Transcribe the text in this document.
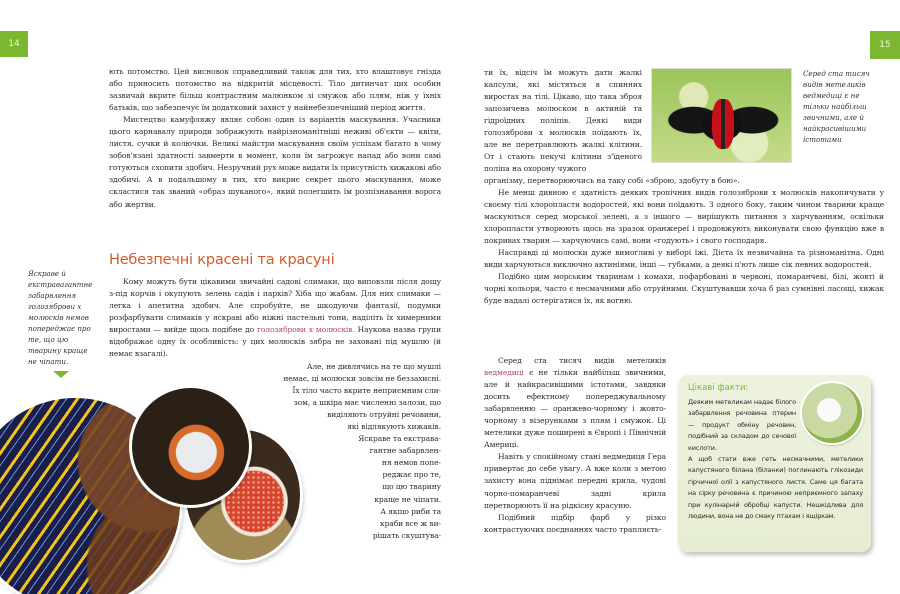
14

ють потомство. Цей висновок справедливий також для тих, хто влаштовує гнізда або приносить потомство на відкритій місцевості. Тіло дитинчат цих особин зазвичай вкрите більш контрастним малюнком зі смужок або плям, ніж у їхніх батьків, що забезпечує їм додатковий захист у найнебезпечніший період життя.

Мистецтво камуфляжу являє собою один із варіантів маскування. Учасники цього карнавалу природи зображують найрізноманітніші неживі об'єкти — квіти, листя, сучки й колючки. Великі майстри маскування своїм успіхам багато в чому зобов'язані здатності завмерти в момент, коли їм загрожує напад або вони самі готуються схопити здобич. Незручний рух може видати їх присутність хижакові або здобичі. А в подальшому в тих, хто викриє секрет цього маскування, може скластися так званий «образ шуканого», який полегшить їм розпізнавання ворога або жертви.

Небезпечні красені та красуні

Кому можуть бути цікавими звичайні садові слимаки, що виповзли після дощу з-під корчів і окупують зелень садів і парків? Хіба що жабам. Для них слимаки — легка і апетитна здобич. Але спробуйте, не шкодуючи фантазії, подумки розфарбувати слимаків у яскраві або ніжні пастельні тони, наділіть їх химерними виростами — вийде щось подібне до голозяброви х молюсків. Наукова назва групи відображає одну їх особливість: у цих молюсків зябра не заховані під мушлю (й немає взагалі).

Але, не дивлячись на те що мушлі
немає, ці молюски зовсім не беззахисні.
Їх тіло часто вкрите неприємним сли-
зом, а шкіра має численні залози, що
виділяють отруйні речовини,
які відлякують хижаків.
Яскраве та екстрава-
гантне забарвлен-
ня немов попе-
реджає про те,
що цю тварину
краще не чіпати.
А якщо риби та
краби все ж ви-
рішать скуштува-
Яскраве й екстравагантне забарвлення голозяброви х молюсків немов попереджає про те, що цю тварину краще не чіпати.
15

ти їх, відсіч їм можуть дати жалкі капсули, які містяться в спинних виростах на тілі. Цікаво, що така зброя запозичена молюском в актиній та гідроїдних поліпів. Деякі види голозяброви х молюсків поїдають їх, але не перетравлюють жалкі клітини. От і стають пекучі клітини з'їденого поліпа на охорону чужого

організму, перетворюючись на таку собі «зброю, здобуту в бою».

Серед ста тисяч видів метеликів ведмедиці є не тільки найбільш звичними, але й найкрасивішими істотами

Не менш дивною є здатність деяких тропічних видів голозяброви х молюсків накопичувати у своєму тілі хлоропласти водоростей, які вони поїдають. З одного боку, таким чином тварини краще маскуються серед морської зелені, а з іншого — вирішують питання з харчуванням, оскільки хлоропласти утворюють щось на зразок оранжереї і продовжують виконувати свою функцію вже в покривах тварин — харчуючись самі, вони «годують» і свого господаря.

Насправді ці молюски дуже вимогливі у виборі їжі. Дієта їх незвичайна та різноманітна. Одні види харчуються виключно актиніями, інші — губками, а деякі п'ють лише сік певних водоростей.

Подібно цим морським тваринам і комахи, пофарбовані в червоні, помаранчеві, білі, жовті й чорні кольори, часто є несмачними або отруйними. Скуштувавши хоча б раз сумнівні ласощі, хижак буде надалі остерігатися їх, як вогню.

Серед ста тисяч видів метеликів ведмедиці є не тільки найбільш звичними, але й найкрасивішими істотами, завдяки досить ефектному попереджувальному забарвленню — оранжево-чорному і жовто-чорному з візерунками з плям і смужок. Ці метелики дуже поширені в Європі і Північній Америці.

Навіть у спокійному стані ведмедиця Гера привертає до себе увагу. А вже коли з метою захисту вона піднімає передні крила, чудові чорно-помаранчеві задні крила перетворюють її на рідкісну красуню.

Подібний підбір фарб у різко контрастуючих поєднаннях часто трапляєть-

Цікаві факти:
Деяким метеликам надає білого забарвлення речовина птерин — продукт обміну речовин, подібний за складом до сечової кислоти.
А щоб стати вже геть несмачними, метелики капустяного біланa (біланки) поглинають глікозиди гірчичної олії з капустяного листя. Саме ця багата на сірку речовина є причиною неприємного запаху при кулінарній обробці капусти. Нешкідлива для людини, вона не до смаку птахам і ящіркам.
